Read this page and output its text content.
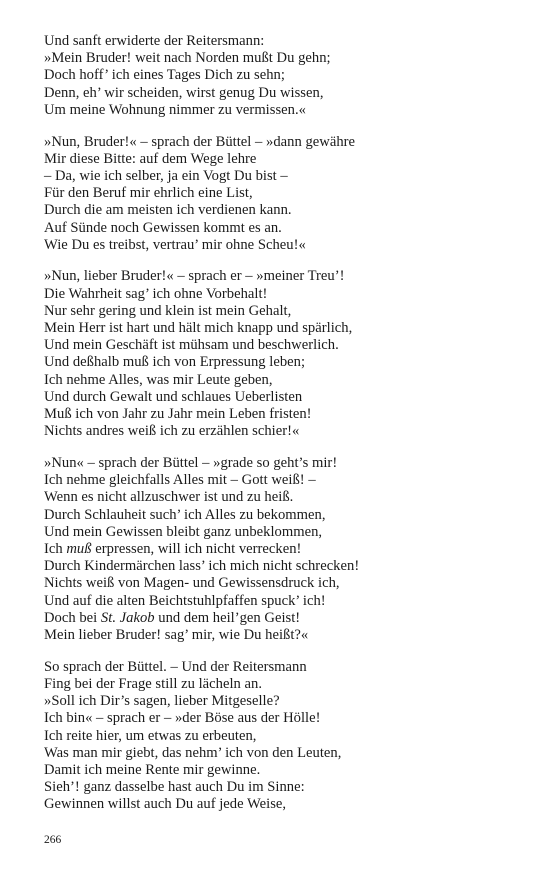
Und sanft erwiderte der Reitersmann:
»Mein Bruder! weit nach Norden mußt Du gehn;
Doch hoff’ ich eines Tages Dich zu sehn;
Denn, eh’ wir scheiden, wirst genug Du wissen,
Um meine Wohnung nimmer zu vermissen.«
»Nun, Bruder!« – sprach der Büttel – »dann gewähre
Mir diese Bitte: auf dem Wege lehre
– Da, wie ich selber, ja ein Vogt Du bist –
Für den Beruf mir ehrlich eine List,
Durch die am meisten ich verdienen kann.
Auf Sünde noch Gewissen kommt es an.
Wie Du es treibst, vertrau’ mir ohne Scheu!«
»Nun, lieber Bruder!« – sprach er – »meiner Treu’!
Die Wahrheit sag’ ich ohne Vorbehalt!
Nur sehr gering und klein ist mein Gehalt,
Mein Herr ist hart und hält mich knapp und spärlich,
Und mein Geschäft ist mühsam und beschwerlich.
Und deßhalb muß ich von Erpressung leben;
Ich nehme Alles, was mir Leute geben,
Und durch Gewalt und schlaues Ueberlisten
Muß ich von Jahr zu Jahr mein Leben fristen!
Nichts andres weiß ich zu erzählen schier!«
»Nun« – sprach der Büttel – »grade so geht’s mir!
Ich nehme gleichfalls Alles mit – Gott weiß! –
Wenn es nicht allzuschwer ist und zu heiß.
Durch Schlauheit such’ ich Alles zu bekommen,
Und mein Gewissen bleibt ganz unbeklommen,
Ich muß erpressen, will ich nicht verrecken!
Durch Kindermärchen lass’ ich mich nicht schrecken!
Nichts weiß von Magen- und Gewissensdruck ich,
Und auf die alten Beichtstuhlpfaffen spuck’ ich!
Doch bei St. Jakob und dem heil’gen Geist!
Mein lieber Bruder! sag’ mir, wie Du heißt?«
So sprach der Büttel. – Und der Reitersmann
Fing bei der Frage still zu lächeln an.
»Soll ich Dir’s sagen, lieber Mitgeselle?
Ich bin« – sprach er – »der Böse aus der Hölle!
Ich reite hier, um etwas zu erbeuten,
Was man mir giebt, das nehm’ ich von den Leuten,
Damit ich meine Rente mir gewinne.
Sieh’! ganz dasselbe hast auch Du im Sinne:
Gewinnen willst auch Du auf jede Weise,
266
